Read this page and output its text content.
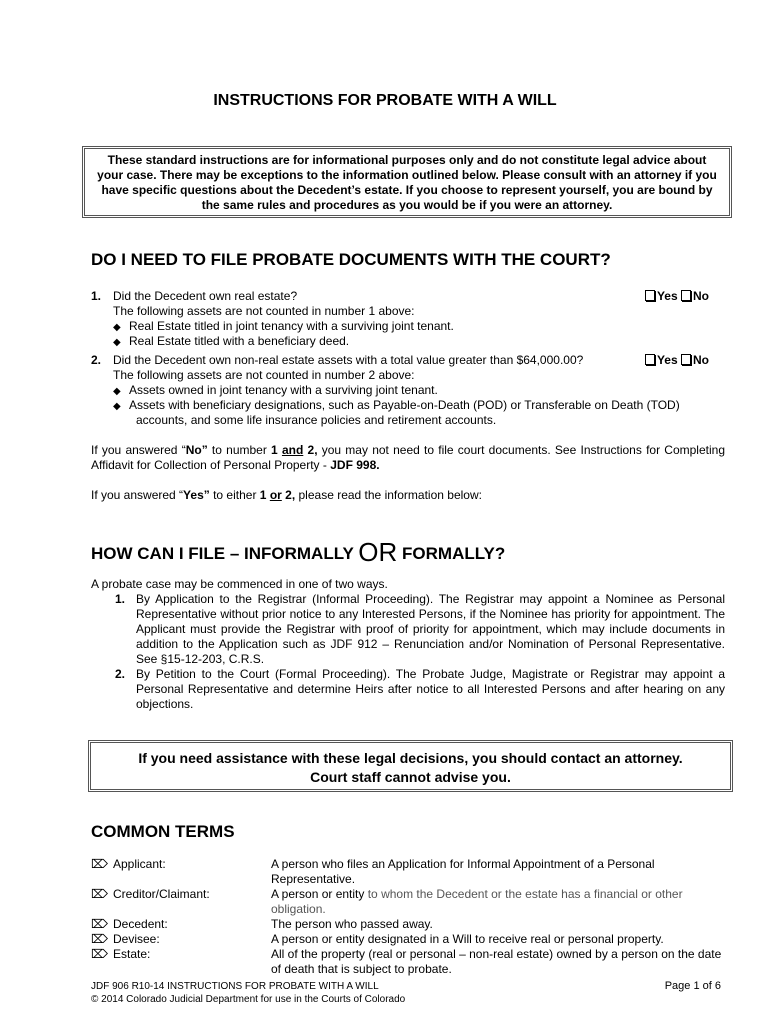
INSTRUCTIONS FOR PROBATE WITH A WILL

These standard instructions are for informational purposes only and do not constitute legal advice about your case. There may be exceptions to the information outlined below. Please consult with an attorney if you have specific questions about the Decedent’s estate. If you choose to represent yourself, you are bound by the same rules and procedures as you would be if you were an attorney.

DO I NEED TO FILE PROBATE DOCUMENTS WITH THE COURT?
1. Did the Decedent own real estate?	Yes No
The following assets are not counted in number 1 above:
◆ Real Estate titled in joint tenancy with a surviving joint tenant.
◆ Real Estate titled with a beneficiary deed.
2. Did the Decedent own non-real estate assets with a total value greater than $64,000.00?	Yes No
The following assets are not counted in number 2 above:
◆ Assets owned in joint tenancy with a surviving joint tenant.
◆ Assets with beneficiary designations, such as Payable-on-Death (POD) or Transferable on Death (TOD)
accounts, and some life insurance policies and retirement accounts.
If you answered “No” to number 1 and 2, you may not need to file court documents. See Instructions for Completing Affidavit for Collection of Personal Property - JDF 998.
If you answered “Yes” to either 1 or 2, please read the information below:
HOW CAN I FILE – INFORMALLY OR FORMALLY?
A probate case may be commenced in one of two ways.
1. By Application to the Registrar (Informal Proceeding). The Registrar may appoint a Nominee as Personal Representative without prior notice to any Interested Persons, if the Nominee has priority for appointment. The Applicant must provide the Registrar with proof of priority for appointment, which may include documents in addition to the Application such as JDF 912 – Renunciation and/or Nomination of Personal Representative. See §15-12-203, C.R.S.
2. By Petition to the Court (Formal Proceeding). The Probate Judge, Magistrate or Registrar may appoint a Personal Representative and determine Heirs after notice to all Interested Persons and after hearing on any objections.
If you need assistance with these legal decisions, you should contact an attorney.
Court staff cannot advise you.
COMMON TERMS
⌦ Applicant:	A person who files an Application for Informal Appointment of a Personal Representative.
⌦ Creditor/Claimant:	A person or entity to whom the Decedent or the estate has a financial or other obligation.
⌦ Decedent:	The person who passed away.
⌦ Devisee:	A person or entity designated in a Will to receive real or personal property.
⌦ Estate:	All of the property (real or personal – non-real estate) owned by a person on the date of death that is subject to probate.
JDF 906 R10-14 INSTRUCTIONS FOR PROBATE WITH A WILL
© 2014 Colorado Judicial Department for use in the Courts of Colorado
Page 1 of 6
